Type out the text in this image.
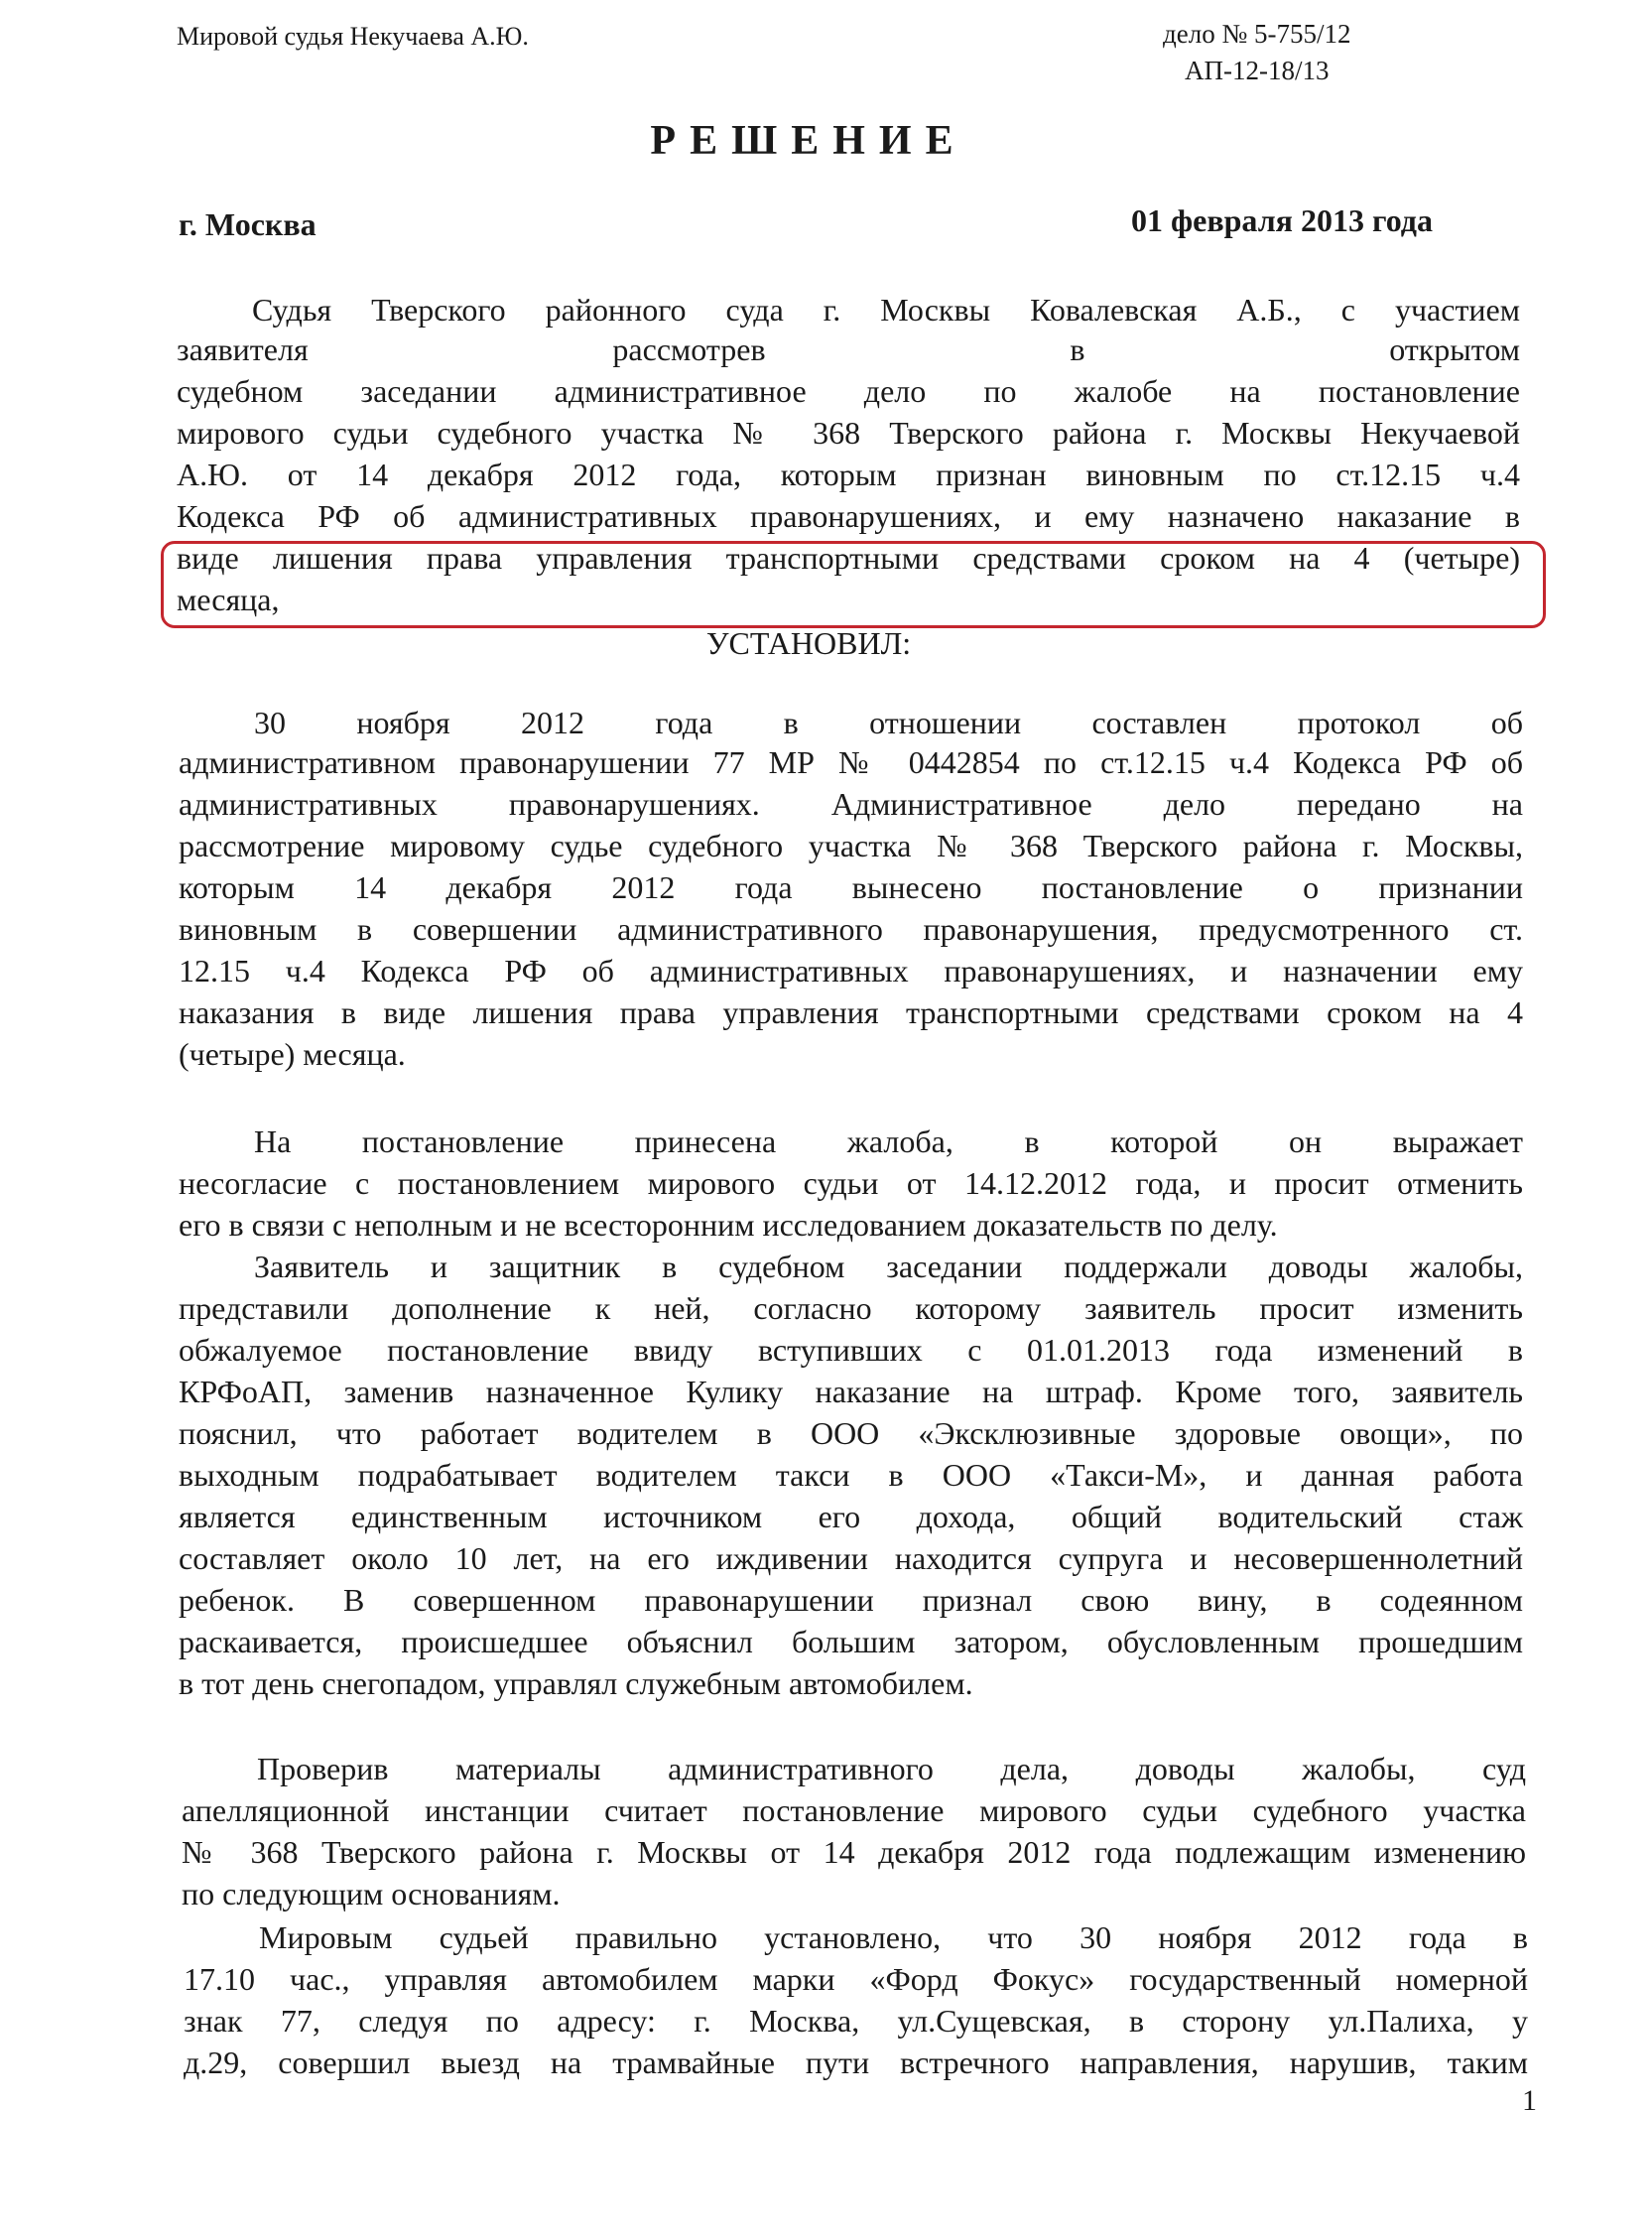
Мировой судья Некучаева А.Ю.	дело № 5-755/12
АП-12-18/13
РЕШЕНИЕ
г. Москва	01 февраля 2013 года
1
Судья Тверского районного суда г. Москвы Ковалевская А.Б., с участием
заявителя рассмотрев в открытом
судебном заседании административное дело по жалобе на постановление
мирового судьи судебного участка № 368 Тверского района г. Москвы Некучаевой
А.Ю. от 14 декабря 2012 года, которым признан виновным по ст.12.15 ч.4
Кодекса РФ об административных правонарушениях, и ему назначено наказание в
виде лишения права управления транспортными средствами сроком на 4 (четыре)
месяца,
30 ноября 2012 года в отношении составлен протокол об
административном правонарушении 77 МР № 0442854 по ст.12.15 ч.4 Кодекса РФ об
административных правонарушениях. Административное дело передано на
рассмотрение мировому судье судебного участка № 368 Тверского района г. Москвы,
которым 14 декабря 2012 года вынесено постановление о признании
виновным в совершении административного правонарушения, предусмотренного ст.
12.15 ч.4 Кодекса РФ об административных правонарушениях, и назначении ему
наказания в виде лишения права управления транспортными средствами сроком на 4
(четыре) месяца.
На постановление принесена жалоба, в которой он выражает
несогласие с постановлением мирового судьи от 14.12.2012 года, и просит отменить
его в связи с неполным и не всесторонним исследованием доказательств по делу.
Заявитель и защитник в судебном заседании поддержали доводы жалобы,
представили дополнение к ней, согласно которому заявитель просит изменить
обжалуемое постановление ввиду вступивших с 01.01.2013 года изменений в
КРФоАП, заменив назначенное Кулику наказание на штраф. Кроме того, заявитель
пояснил, что работает водителем в ООО «Эксклюзивные здоровые овощи», по
выходным подрабатывает водителем такси в ООО «Такси-М», и данная работа
является единственным источником его дохода, общий водительский стаж
составляет около 10 лет, на его иждивении находится супруга и несовершеннолетний
ребенок. В совершенном правонарушении признал свою вину, в содеянном
раскаивается, происшедшее объяснил большим затором, обусловленным прошедшим
в тот день снегопадом, управлял служебным автомобилем.
Проверив материалы административного дела, доводы жалобы, суд
апелляционной инстанции считает постановление мирового судьи судебного участка
№ 368 Тверского района г. Москвы от 14 декабря 2012 года подлежащим изменению
по следующим основаниям.
Мировым судьей правильно установлено, что 30 ноября 2012 года в
17.10 час., управляя автомобилем марки «Форд Фокус» государственный номерной
знак 77, следуя по адресу: г. Москва, ул.Сущевская, в сторону ул.Палиха, у
д.29, совершил выезд на трамвайные пути встречного направления, нарушив, таким
УСТАНОВИЛ:
